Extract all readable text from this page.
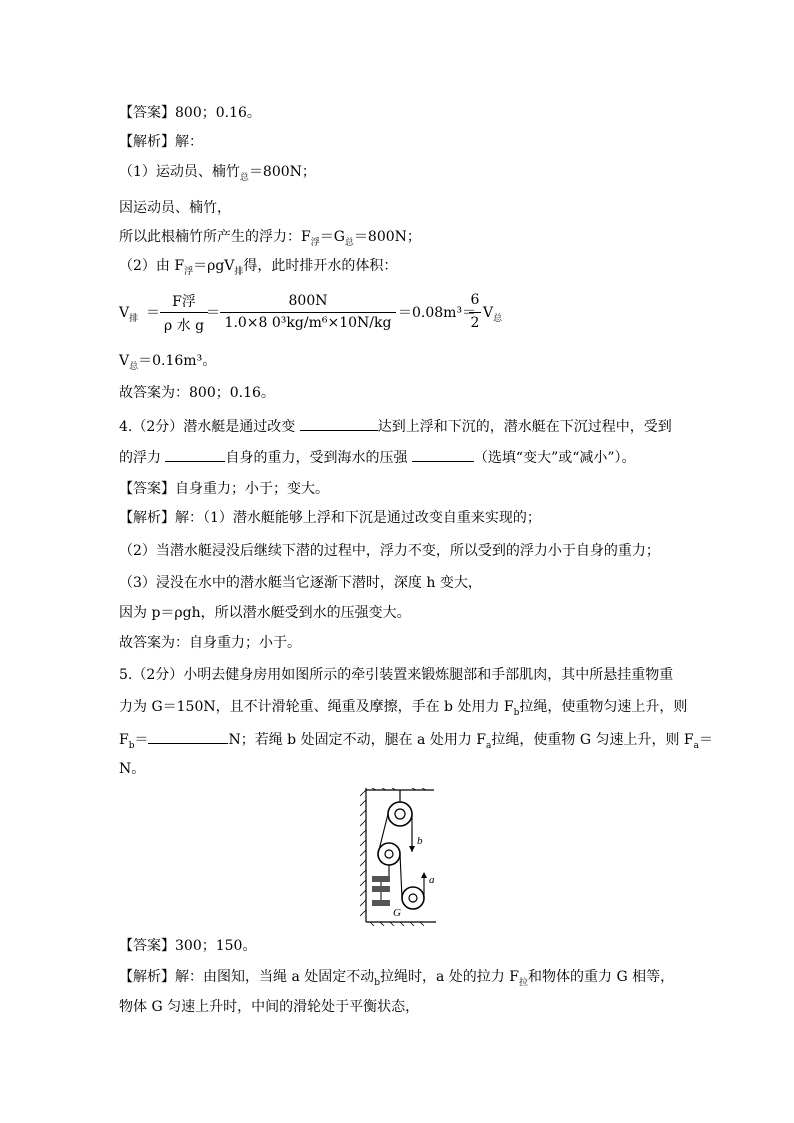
【答案】800；0.16。
【解析】解：
（1）运动员、楠竹$_总$＝800N；
因运动员、楠竹，
所以此根楠竹所产生的浮力：$F_浮=G_总=800N$；
（2）由 $F_浮=\rho gV_排$得，此时排开水的体积：
$V_排$ ＝
F浮
ρ 水 g
＝
800N
1.0×8 0³kg/m⁶×10N/kg
＝0.08m³＝
6
2
$V_总$
$V_总=0.16m^3$。
故答案为：800；0.16。
4.（2分）潜水艇是通过改变	达到上浮和下沉的，潜水艇在下沉过程中，受到
的浮力	自身的重力，受到海水的压强	（选填“变大”或“减小”）。
【答案】自身重力；小于；变大。
【解析】解：（1）潜水艇能够上浮和下沉是通过改变自重来实现的；
（2）当潜水艇浸没后继续下潜的过程中，浮力不变，所以受到的浮力小于自身的重力；
（3）浸没在水中的潜水艇当它逐渐下潜时，深度 h 变大，
因为 p＝ρgh，所以潜水艇受到水的压强变大。
故答案为：自身重力；小于。
5.（2分）小明去健身房用如图所示的牵引装置来锻炼腿部和手部肌肉，其中所悬挂重物重
力为 G＝150N，且不计滑轮重、绳重及摩擦，手在 b 处用力 $F_b$拉绳，使重物匀速上升，则
$F_b=$	N；若绳 b 处固定不动，腿在 a 处用力 $F_a$拉绳，使重物 G 匀速上升，则 $F_a=$
N。
b
a
G
【答案】300；150。
【解析】解：由图知，当绳 a 处固定不动$_b$拉绳时，a 处的拉力 $F_拉$和物体的重力 G 相等，
物体 G 匀速上升时，中间的滑轮处于平衡状态，
